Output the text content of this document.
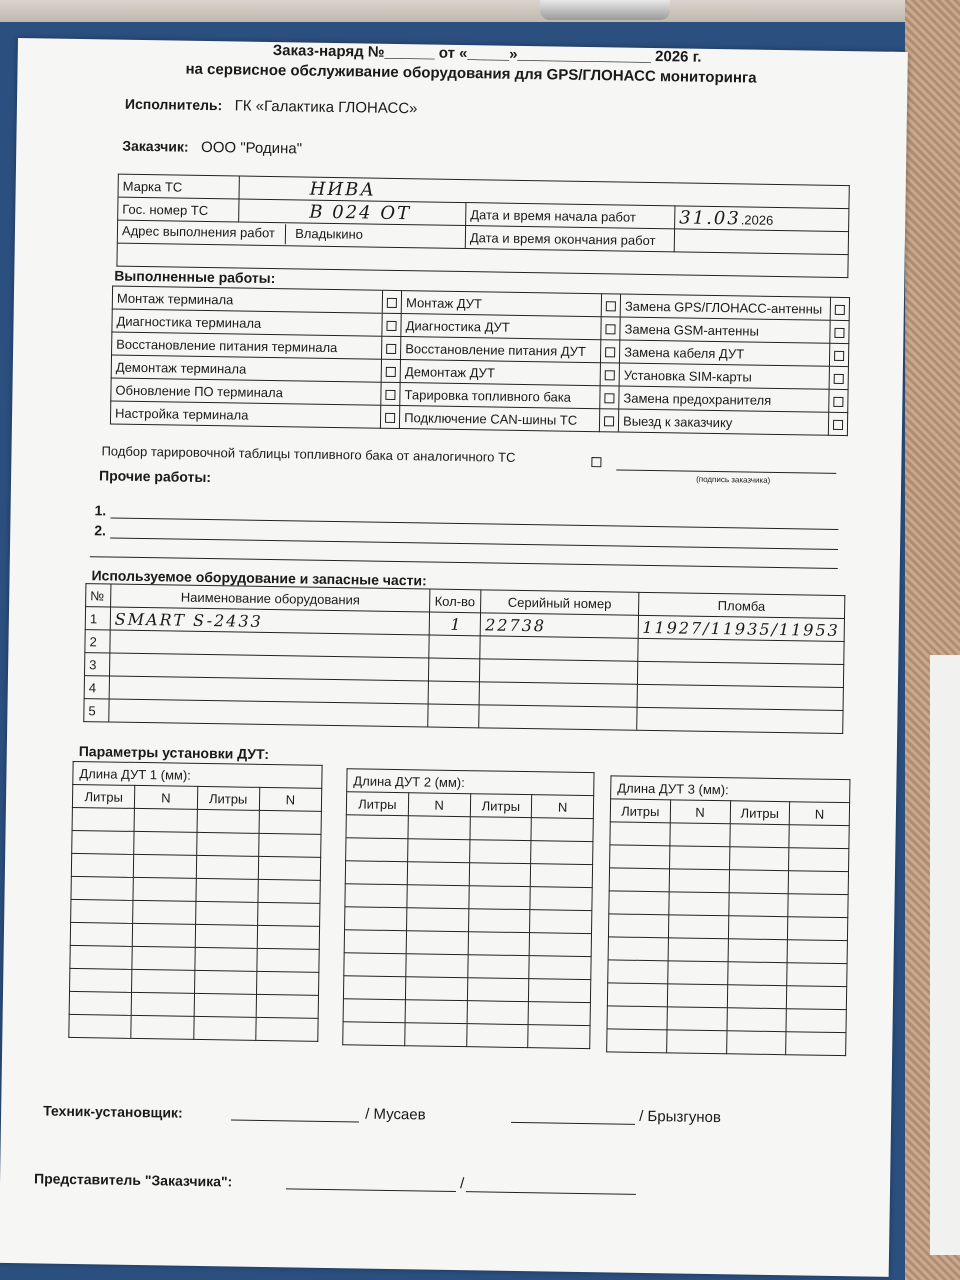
Заказ-наряд №______ от «_____»________________ 2026 г.
на сервисное обслуживание оборудования для GPS/ГЛОНАСС мониторинга
Исполнитель: ГК «Галактика ГЛОНАСС»
Заказчик: ООО "Родина"
Марка ТС	НИВА		
Гос. номер ТС	В 024 ОТ	Дата и время начала работ	31.03.2026
Адрес выполнения работ Владыкино		Дата и время окончания работ	

Выполненные работы:
Монтаж терминала		Монтаж ДУТ		Замена GPS/ГЛОНАСС-антенны	
Диагностика терминала		Диагностика ДУТ		Замена GSM-антенны	
Восстановление питания терминала		Восстановление питания ДУТ		Замена кабеля ДУТ	
Демонтаж терминала		Демонтаж ДУТ		Установка SIM-карты	
Обновление ПО терминала		Тарировка топливного бака		Замена предохранителя	
Настройка терминала		Подключение CAN-шины ТС		Выезд к заказчику	
Подбор тарировочной таблицы топливного бака от аналогичного ТС
(подпись заказчика)
Прочие работы:
1.
2.
Используемое оборудование и запасные части:
№	Наименование оборудования	Кол-во	Серийный номер	Пломба
1	SMART S-2433	1	22738	11927/11935/11953
2				
3				
4				
5				
Параметры установки ДУТ:
Длина ДУТ 1 (мм):			
Литры	N	Литры	N

Длина ДУТ 2 (мм):			
Литры	N	Литры	N

Длина ДУТ 3 (мм):			
Литры	N	Литры	N

Техник-установщик:	/ Мусаев	/ Брызгунов
Представитель "Заказчика":	/
